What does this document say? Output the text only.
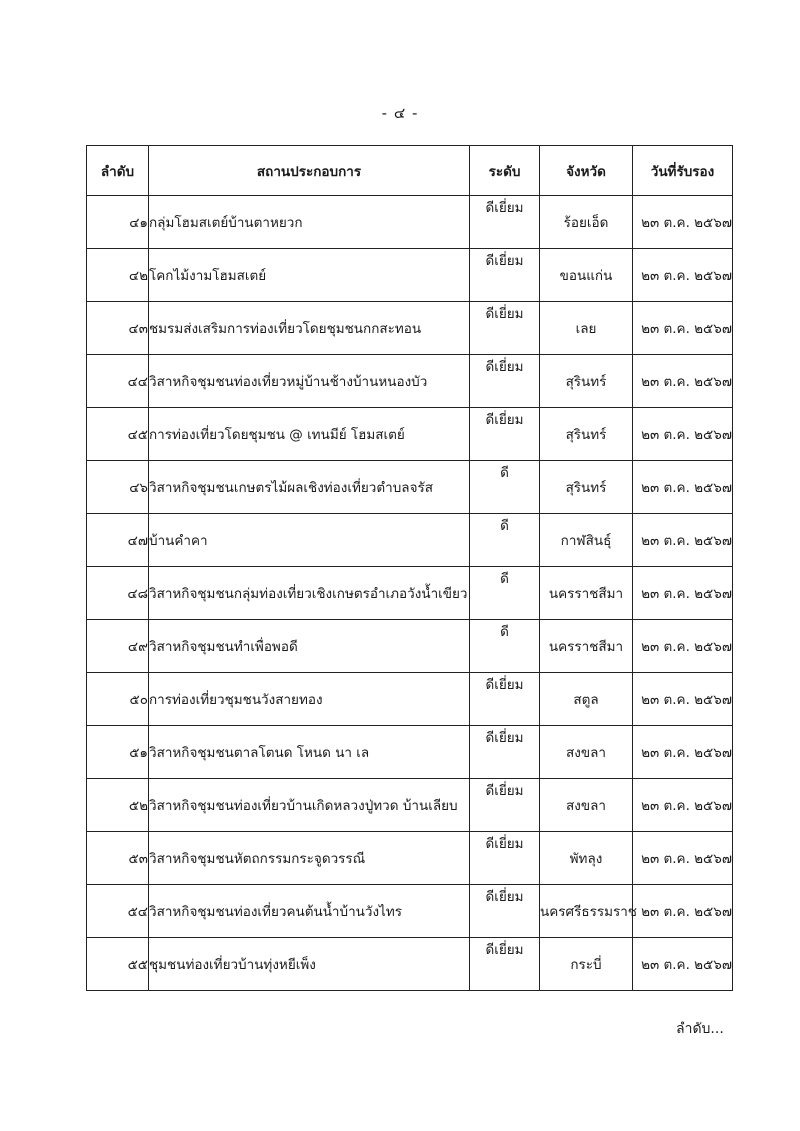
- ๔ -
ลำดับ	สถานประกอบการ	ระดับ	จังหวัด	วันที่รับรอง
๔๑	กลุ่มโฮมสเตย์บ้านตาหยวก	ดีเยี่ยม	ร้อยเอ็ด	๒๓ ต.ค. ๒๕๖๗
๔๒	โคกไม้งามโฮมสเตย์	ดีเยี่ยม	ขอนแก่น	๒๓ ต.ค. ๒๕๖๗
๔๓	ชมรมส่งเสริมการท่องเที่ยวโดยชุมชนกกสะทอน	ดีเยี่ยม	เลย	๒๓ ต.ค. ๒๕๖๗
๔๔	วิสาหกิจชุมชนท่องเที่ยวหมู่บ้านช้างบ้านหนองบัว	ดีเยี่ยม	สุรินทร์	๒๓ ต.ค. ๒๕๖๗
๔๕	การท่องเที่ยวโดยชุมชน @ เทนมีย์ โฮมสเตย์	ดีเยี่ยม	สุรินทร์	๒๓ ต.ค. ๒๕๖๗
๔๖	วิสาหกิจชุมชนเกษตรไม้ผลเชิงท่องเที่ยวตำบลจรัส	ดี	สุรินทร์	๒๓ ต.ค. ๒๕๖๗
๔๗	บ้านคำคา	ดี	กาฬสินธุ์	๒๓ ต.ค. ๒๕๖๗
๔๘	วิสาหกิจชุมชนกลุ่มท่องเที่ยวเชิงเกษตรอำเภอวังน้ำเขียว	ดี	นครราชสีมา	๒๓ ต.ค. ๒๕๖๗
๔๙	วิสาหกิจชุมชนทำเพื่อพอดี	ดี	นครราชสีมา	๒๓ ต.ค. ๒๕๖๗
๕๐	การท่องเที่ยวชุมชนวังสายทอง	ดีเยี่ยม	สตูล	๒๓ ต.ค. ๒๕๖๗
๕๑	วิสาหกิจชุมชนตาลโตนด โหนด นา เล	ดีเยี่ยม	สงขลา	๒๓ ต.ค. ๒๕๖๗
๕๒	วิสาหกิจชุมชนท่องเที่ยวบ้านเกิดหลวงปู่ทวด บ้านเลียบ	ดีเยี่ยม	สงขลา	๒๓ ต.ค. ๒๕๖๗
๕๓	วิสาหกิจชุมชนหัตถกรรมกระจูดวรรณี	ดีเยี่ยม	พัทลุง	๒๓ ต.ค. ๒๕๖๗
๕๔	วิสาหกิจชุมชนท่องเที่ยวคนต้นน้ำบ้านวังไทร	ดีเยี่ยม	นครศรีธรรมราช	๒๓ ต.ค. ๒๕๖๗
๕๕	ชุมชนท่องเที่ยวบ้านทุ่งหยีเพ็ง	ดีเยี่ยม	กระบี่	๒๓ ต.ค. ๒๕๖๗
ลำดับ...
